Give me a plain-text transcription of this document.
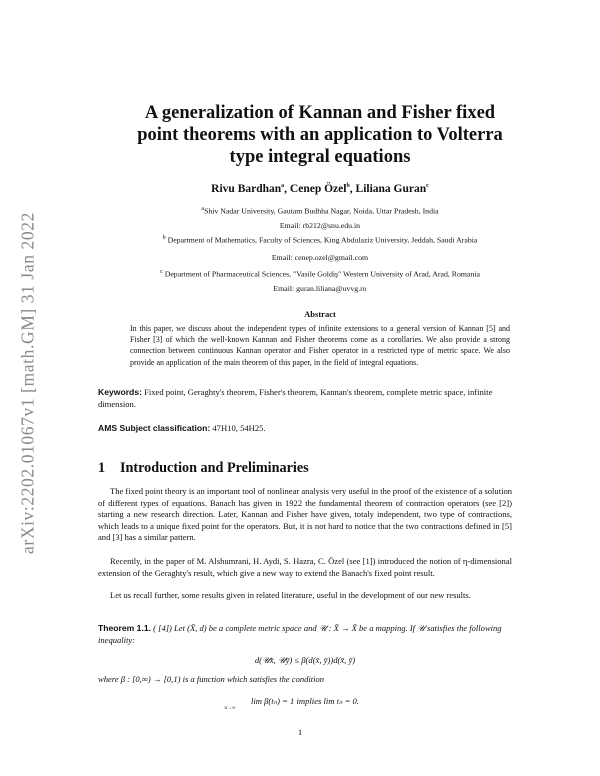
arXiv:2202.01067v1 [math.GM] 31 Jan 2022
A generalization of Kannan and Fisher fixed
point theorems with an application to Volterra
type integral equations
Rivu Bardhan$^a$, Cenep Özel$^b$, Liliana Guran$^c$
$^a$Shiv Nadar University, Gautam Budhha Nagar, Noida, Uttar Pradesh, India
Email: rb212@snu.edu.in
$^b$ Department of Mathematics, Faculty of Sciences, King Abdulaziz University, Jeddah, Saudi Arabia
Email: cenep.ozel@gmail.com
$^c$ Department of Pharmaceutical Sciences, "Vasile Goldiş" Western University of Arad, Arad, Romania
Email: guran.liliana@uvvg.ro
Abstract
In this paper, we discuss about the independent types of infinite extensions to a general version of Kannan [5] and Fisher [3] of which the well-known Kannan and Fisher theorems come as a corollaries. We also provide a strong connection between continuous Kannan operator and Fisher operator in a restricted type of metric space. We also provide an application of the main theorem of this paper, in the field of integral equations.
Keywords: Fixed point, Geraghty's theorem, Fisher's theorem, Kannan's theorem, complete metric space, infinite dimension.
AMS Subject classification: 47H10, 54H25.
1 Introduction and Preliminaries
The fixed point theory is an important tool of nonlinear analysis very useful in the proof of the existence of a solution of different types of equations. Banach has given in 1922 the fundamental theorem of contraction operators (see [2]) starting a new research direction. Later, Kannan and Fisher have given, totaly independent, two type of contractions, which leads to a unique fixed point for the operators. But, it is not hard to notice that the two contractions defined in [5] and [3] has a similar pattern.
Recently, in the paper of M. Alshumrani, H. Aydi, S. Hazra, C. Özel (see [1]) introduced the notion of η-dimensional extension of the Geraghty's result, which give a new way to extend the Banach's fixed point result.
Let us recall further, some results given in related literature, useful in the development of our new results.
Theorem 1.1. ( [4]) Let (X̄, d) be a complete metric space and 𝒰 : X̄ → X̄ be a mapping. If 𝒰 satisfies the following inequality:
d(𝒰x̄, 𝒰ȳ) ≤ β(d(x̄, ȳ))d(x̄, ȳ)
where β : [0,∞) → [0,1) is a function which satisfies the condition
lim β(tₙ) = 1 implies lim tₙ = 0.
n→∞
1
